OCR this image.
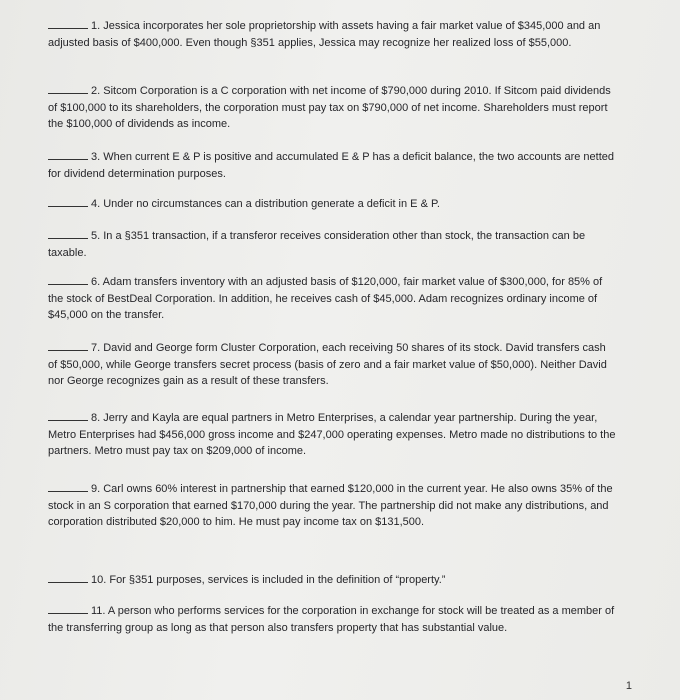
1. Jessica incorporates her sole proprietorship with assets having a fair market value of $345,000 and an adjusted basis of $400,000. Even though §351 applies, Jessica may recognize her realized loss of $55,000.
2. Sitcom Corporation is a C corporation with net income of $790,000 during 2010. If Sitcom paid dividends of $100,000 to its shareholders, the corporation must pay tax on $790,000 of net income. Shareholders must report the $100,000 of dividends as income.
3. When current E & P is positive and accumulated E & P has a deficit balance, the two accounts are netted for dividend determination purposes.
4. Under no circumstances can a distribution generate a deficit in E & P.
5. In a §351 transaction, if a transferor receives consideration other than stock, the transaction can be taxable.
6. Adam transfers inventory with an adjusted basis of $120,000, fair market value of $300,000, for 85% of the stock of BestDeal Corporation. In addition, he receives cash of $45,000. Adam recognizes ordinary income of $45,000 on the transfer.
7. David and George form Cluster Corporation, each receiving 50 shares of its stock. David transfers cash of $50,000, while George transfers secret process (basis of zero and a fair market value of $50,000). Neither David nor George recognizes gain as a result of these transfers.
8. Jerry and Kayla are equal partners in Metro Enterprises, a calendar year partnership. During the year, Metro Enterprises had $456,000 gross income and $247,000 operating expenses. Metro made no distributions to the partners. Metro must pay tax on $209,000 of income.
9. Carl owns 60% interest in partnership that earned $120,000 in the current year. He also owns 35% of the stock in an S corporation that earned $170,000 during the year. The partnership did not make any distributions, and corporation distributed $20,000 to him. He must pay income tax on $131,500.
10. For §351 purposes, services is included in the definition of “property.”
11. A person who performs services for the corporation in exchange for stock will be treated as a member of the transferring group as long as that person also transfers property that has substantial value.
1
